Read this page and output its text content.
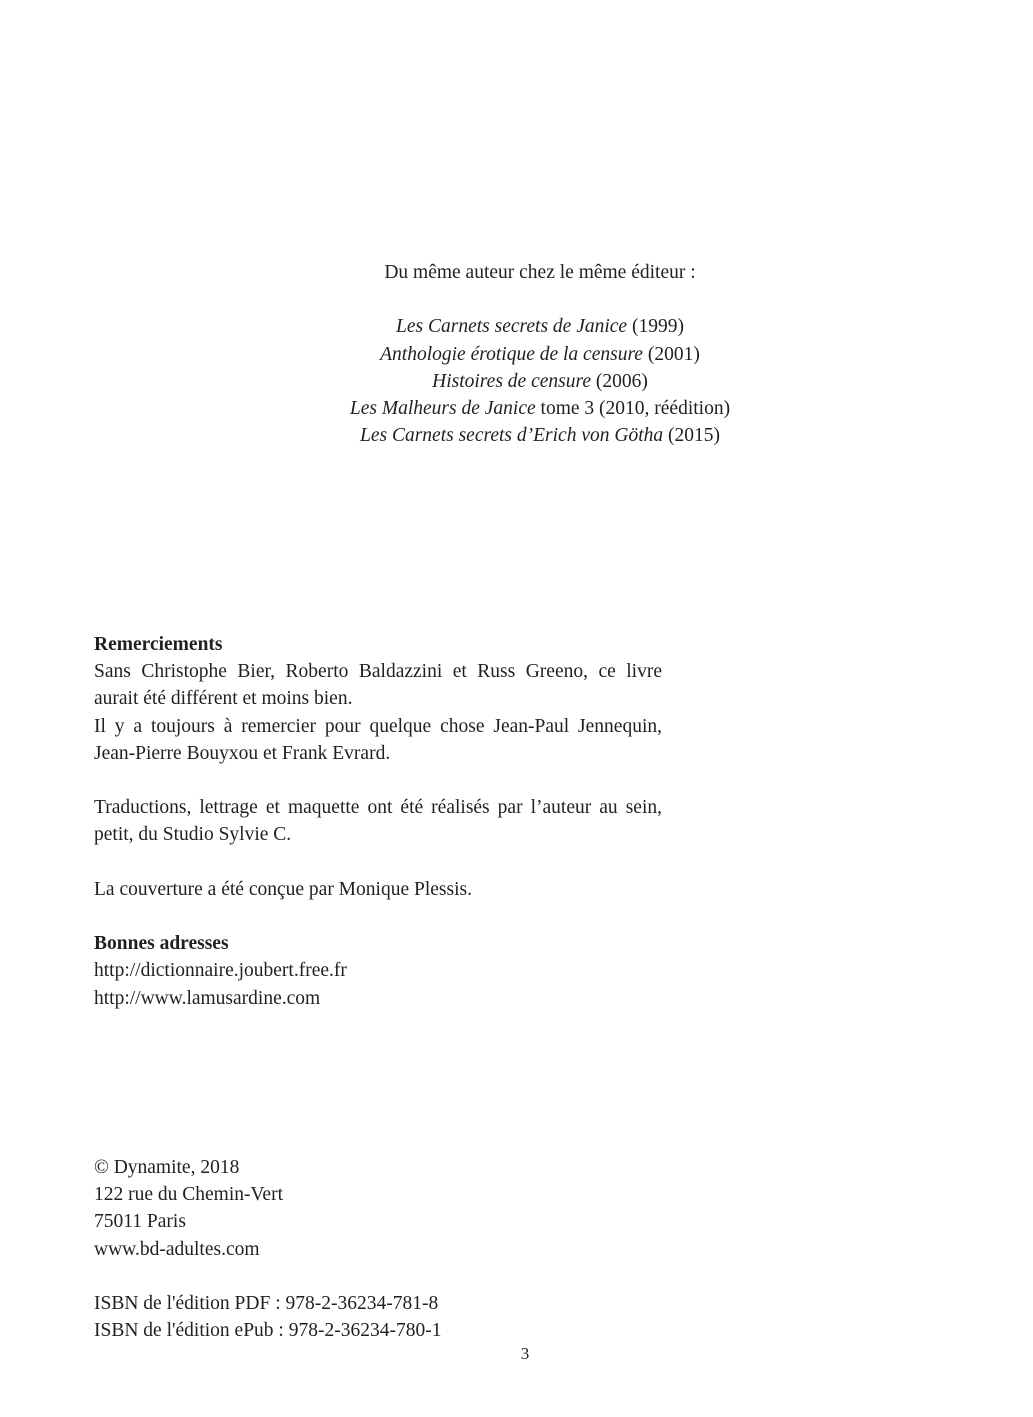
Du même auteur chez le même éditeur :
Les Carnets secrets de Janice (1999)
Anthologie érotique de la censure (2001)
Histoires de censure (2006)
Les Malheurs de Janice tome 3 (2010, réédition)
Les Carnets secrets d’Erich von Götha (2015)
Remerciements
Sans Christophe Bier, Roberto Baldazzini et Russ Greeno, ce livre
aurait été différent et moins bien.
Il y a toujours à remercier pour quelque chose Jean-Paul Jennequin,
Jean-Pierre Bouyxou et Frank Evrard.
Traductions, lettrage et maquette ont été réalisés par l’auteur au sein,
petit, du Studio Sylvie C.
La couverture a été conçue par Monique Plessis.
Bonnes adresses
http://dictionnaire.joubert.free.fr
http://www.lamusardine.com
© Dynamite, 2018
122 rue du Chemin-Vert
75011 Paris
www.bd-adultes.com
ISBN de l'édition PDF : 978-2-36234-781-8
ISBN de l'édition ePub : 978-2-36234-780-1
3
